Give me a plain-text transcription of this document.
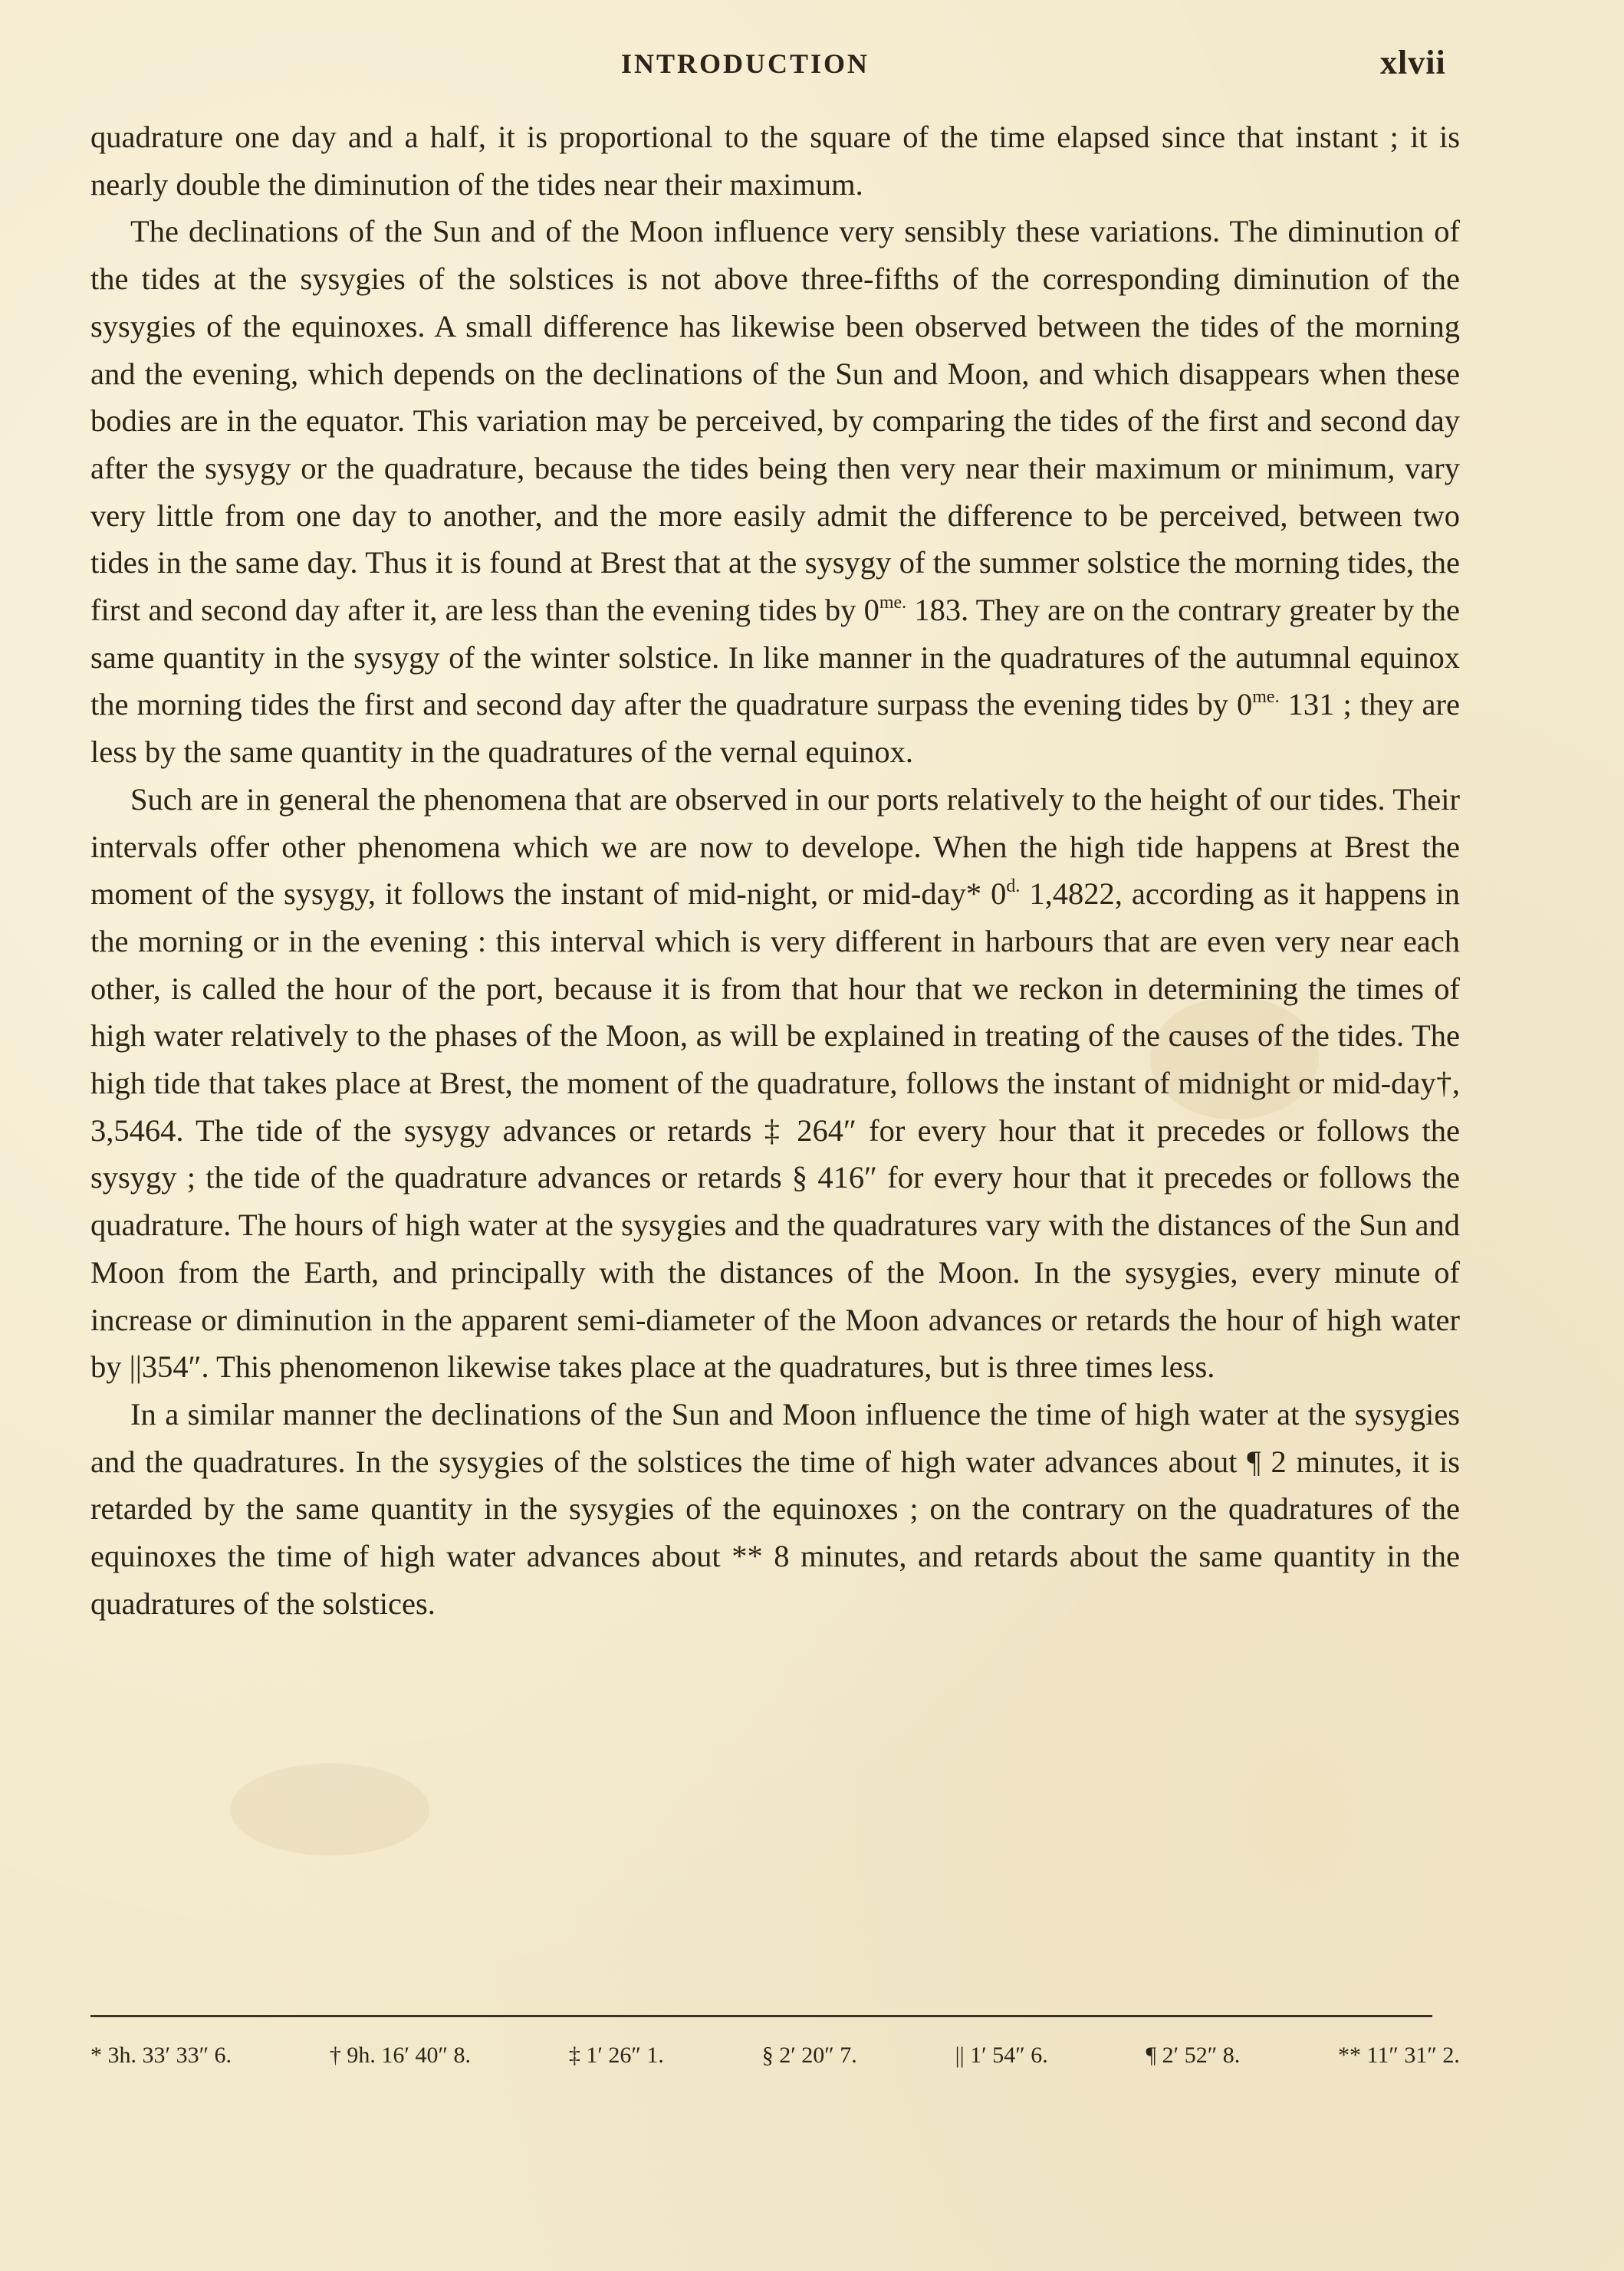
INTRODUCTION	xlvii

quadrature one day and a half, it is proportional to the square of the time elapsed since that instant ; it is nearly double the diminution of the tides near their maximum.

The declinations of the Sun and of the Moon influence very sensibly these variations. The diminution of the tides at the sysygies of the solstices is not above three-fifths of the corresponding diminution of the sysygies of the equinoxes. A small difference has likewise been observed between the tides of the morning and the evening, which depends on the declinations of the Sun and Moon, and which disappears when these bodies are in the equator. This variation may be perceived, by comparing the tides of the first and second day after the sysygy or the quadrature, because the tides being then very near their maximum or minimum, vary very little from one day to another, and the more easily admit the difference to be perceived, between two tides in the same day. Thus it is found at Brest that at the sysygy of the summer solstice the morning tides, the first and second day after it, are less than the evening tides by $0^{me.}$ 183. They are on the contrary greater by the same quantity in the sysygy of the winter solstice. In like manner in the quadratures of the autumnal equinox the morning tides the first and second day after the quadrature surpass the evening tides by $0^{me.}$ 131 ; they are less by the same quantity in the quadratures of the vernal equinox.

Such are in general the phenomena that are observed in our ports relatively to the height of our tides. Their intervals offer other phenomena which we are now to develope. When the high tide happens at Brest the moment of the sysygy, it follows the instant of mid-night, or mid-day* $0^{d.}$ 1,4822, according as it happens in the morning or in the evening : this interval which is very different in harbours that are even very near each other, is called the hour of the port, because it is from that hour that we reckon in determining the times of high water relatively to the phases of the Moon, as will be explained in treating of the causes of the tides. The high tide that takes place at Brest, the moment of the quadrature, follows the instant of midnight or mid-day†, 3,5464. The tide of the sysygy advances or retards ‡ 264″ for every hour that it precedes or follows the sysygy ; the tide of the quadrature advances or retards § 416″ for every hour that it precedes or follows the quadrature. The hours of high water at the sysygies and the quadratures vary with the distances of the Sun and Moon from the Earth, and principally with the distances of the Moon. In the sysygies, every minute of increase or diminution in the apparent semi-diameter of the Moon advances or retards the hour of high water by ||354″. This phenomenon likewise takes place at the quadratures, but is three times less.

In a similar manner the declinations of the Sun and Moon influence the time of high water at the sysygies and the quadratures. In the sysygies of the solstices the time of high water advances about ¶ 2 minutes, it is retarded by the same quantity in the sysygies of the equinoxes ; on the contrary on the quadratures of the equinoxes the time of high water advances about ** 8 minutes, and retards about the same quantity in the quadratures of the solstices.

* 3h. 33′ 33″ 6.	† 9h. 16′ 40″ 8.	‡ 1′ 26″ 1.	§ 2′ 20″ 7.	|| 1′ 54″ 6.	¶ 2′ 52″ 8.	** 11″ 31″ 2.
